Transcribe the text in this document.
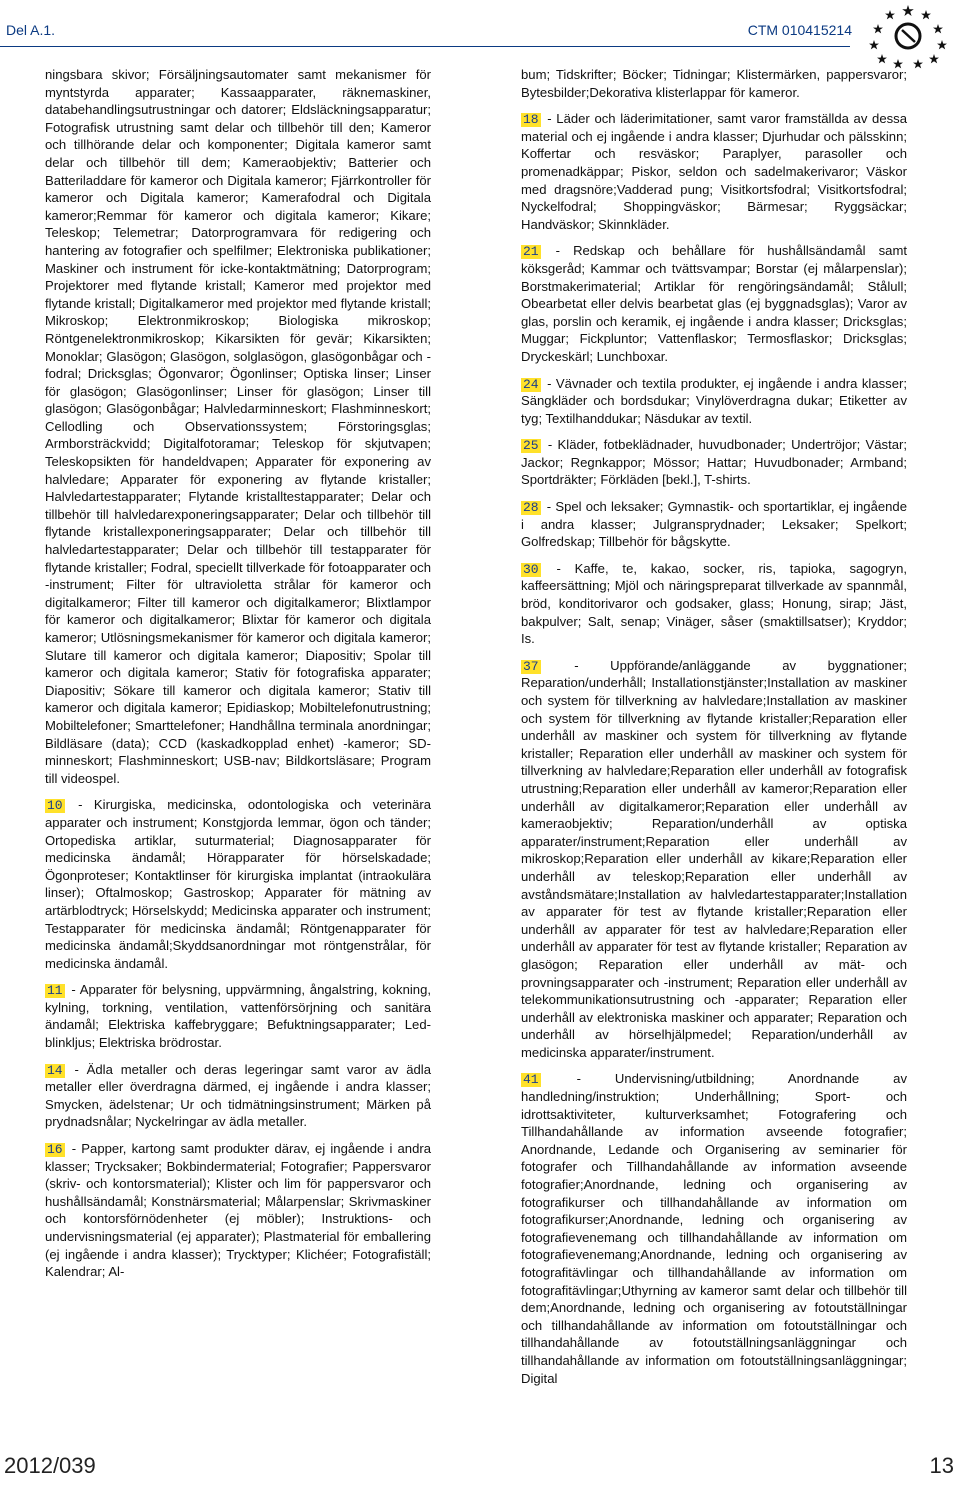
Del A.1.	CTM 010415214

ningsbara skivor; Försäljningsautomater samt mekanismer för myntstyrda apparater; Kassaapparater, räknemaskiner, databehandlingsutrustningar och datorer; Eldsläckningsapparatur; Fotografisk utrustning samt delar och tillbehör till den; Kameror och tillhörande delar och komponenter; Digitala kameror samt delar och tillbehör till dem; Kameraobjektiv; Batterier och Batteriladdare för kameror och Digitala kameror; Fjärrkontroller för kameror och Digitala kameror; Kamerafodral och Digitala kameror;Remmar för kameror och digitala kameror; Kikare; Teleskop; Telemetrar; Datorprogramvara för redigering och hantering av fotografier och spelfilmer; Elektroniska publikationer; Maskiner och instrument för icke-kontaktmätning; Datorprogram; Projektorer med flytande kristall; Kameror med projektor med flytande kristall; Digitalkameror med projektor med flytande kristall; Mikroskop; Elektronmikroskop; Biologiska mikroskop; Röntgenelektronmikroskop; Kikarsikten för gevär; Kikarsikten; Monoklar; Glasögon; Glasögon, solglasögon, glasögonbågar och -fodral; Dricksglas; Ögonvaror; Ögonlinser; Optiska linser; Linser för glasögon; Glasögonlinser; Linser för glasögon; Linser till glasögon; Glasögonbågar; Halvledarminneskort; Flashminneskort; Cellodling och Observationssystem; Förstoringsglas; Armborsträckvidd; Digitalfotoramar; Teleskop för skjutvapen; Teleskopsikten för handeldvapen; Apparater för exponering av halvledare; Apparater för exponering av flytande kristaller; Halvledartestapparater; Flytande kristalltestapparater; Delar och tillbehör till halvledarexponeringsapparater; Delar och tillbehör till flytande kristallexponeringsapparater; Delar och tillbehör till halvledartestapparater; Delar och tillbehör till testapparater för flytande kristaller; Fodral, speciellt tillverkade för fotoapparater och -instrument; Filter för ultravioletta strålar för kameror och digitalkameror; Filter till kameror och digitalkameror; Blixtlampor för kameror och digitalkameror; Blixtar för kameror och digitala kameror; Utlösningsmekanismer för kameror och digitala kameror; Slutare till kameror och digitala kameror; Diapositiv; Spolar till kameror och digitala kameror; Stativ för fotografiska apparater; Diapositiv; Sökare till kameror och digitala kameror; Stativ till kameror och digitala kameror; Epidiaskop; Mobiltelefonutrustning; Mobiltelefoner; Smarttelefoner; Handhållna terminala anordningar; Bildläsare (data); CCD (kaskadkopplad enhet) -kameror; SD-minneskort; Flashminneskort; USB-nav; Bildkortsläsare; Program till videospel.

10 - Kirurgiska, medicinska, odontologiska och veterinära apparater och instrument; Konstgjorda lemmar, ögon och tänder; Ortopediska artiklar, suturmaterial; Diagnosapparater för medicinska ändamål; Hörapparater för hörselskadade; Ögonproteser; Kontaktlinser för kirurgiska implantat (intraokulära linser); Oftalmoskop; Gastroskop; Apparater för mätning av artärblodtryck; Hörselskydd; Medicinska apparater och instrument; Testapparater för medicinska ändamål; Röntgenapparater för medicinska ändamål;Skyddsanordningar mot röntgenstrålar, för medicinska ändamål.

11 - Apparater för belysning, uppvärmning, ångalstring, kokning, kylning, torkning, ventilation, vattenförsörjning och sanitära ändamål; Elektriska kaffebryggare; Befuktningsapparater; Led-blinkljus; Elektriska brödrostar.

14 - Ädla metaller och deras legeringar samt varor av ädla metaller eller överdragna därmed, ej ingående i andra klasser; Smycken, ädelstenar; Ur och tidmätningsinstrument; Märken på prydnadsnålar; Nyckelringar av ädla metaller.

16 - Papper, kartong samt produkter därav, ej ingående i andra klasser; Trycksaker; Bokbindermaterial; Fotografier; Pappersvaror (skriv- och kontorsmaterial); Klister och lim för pappersvaror och hushållsändamål; Konstnärsmaterial; Målarpenslar; Skrivmaskiner och kontorsförnödenheter (ej möbler); Instruktions- och undervisningsmaterial (ej apparater); Plastmaterial för emballering (ej ingående i andra klasser); Trycktyper; Klichéer; Fotografiställ; Kalendrar; Al-

bum; Tidskrifter; Böcker; Tidningar; Klistermärken, pappersvaror; Bytesbilder;Dekorativa klisterlappar för kameror.

18 - Läder och läderimitationer, samt varor framställda av dessa material och ej ingående i andra klasser; Djurhudar och pälsskinn; Koffertar och resväskor; Paraplyer, parasoller och promenadkäppar; Piskor, seldon och sadelmakerivaror; Väskor med dragsnöre;Vadderad pung; Visitkortsfodral; Visitkortsfodral; Nyckelfodral; Shoppingväskor; Bärmesar; Ryggsäckar; Handväskor; Skinnkläder.

21 - Redskap och behållare för hushållsändamål samt köksgeråd; Kammar och tvättsvampar; Borstar (ej målarpenslar); Borstmakerimaterial; Artiklar för rengöringsändamål; Stålull; Obearbetat eller delvis bearbetat glas (ej byggnadsglas); Varor av glas, porslin och keramik, ej ingående i andra klasser; Dricksglas; Muggar; Fickpluntor; Vattenflaskor; Termosflaskor; Dricksglas; Dryckeskärl; Lunchboxar.

24 - Vävnader och textila produkter, ej ingående i andra klasser; Sängkläder och bordsdukar; Vinylöverdragna dukar; Etiketter av tyg; Textilhanddukar; Näsdukar av textil.

25 - Kläder, fotbeklädnader, huvudbonader; Undertröjor; Västar; Jackor; Regnkappor; Mössor; Hattar; Huvudbonader; Armband; Sportdräkter; Förkläden [bekl.], T-shirts.

28 - Spel och leksaker; Gymnastik- och sportartiklar, ej ingående i andra klasser; Julgransprydnader; Leksaker; Spelkort; Golfredskap; Tillbehör för bågskytte.

30 - Kaffe, te, kakao, socker, ris, tapioka, sagogryn, kaffeersättning; Mjöl och näringspreparat tillverkade av spannmål, bröd, konditorivaror och godsaker, glass; Honung, sirap; Jäst, bakpulver; Salt, senap; Vinäger, såser (smaktillsatser); Kryddor; Is.

37	- Uppförande/anläggande av byggnationer; Reparation/underhåll; Installationstjänster;Installation av maskiner och system för tillverkning av halvledare;Installation av maskiner och system för tillverkning av flytande kristaller;Reparation eller underhåll av maskiner och system för tillverkning av flytande kristaller; Reparation eller underhåll av maskiner och system för tillverkning av halvledare;Reparation eller underhåll av fotografisk utrustning;Reparation eller underhåll av kameror;Reparation eller underhåll av digitalkameror;Reparation eller underhåll av kameraobjektiv; Reparation/underhåll av optiska apparater/instrument;Reparation eller underhåll av mikroskop;Reparation eller underhåll av kikare;Reparation eller underhåll av teleskop;Reparation eller underhåll av avståndsmätare;Installation av halvledartestapparater;Installation av apparater för test av flytande kristaller;Reparation eller underhåll av apparater för test av halvledare;Reparation eller underhåll av apparater för test av flytande kristaller; Reparation av glasögon; Reparation eller underhåll av mät- och provningsapparater och -instrument; Reparation eller underhåll av telekommunikationsutrustning och -apparater; Reparation eller underhåll av elektroniska maskiner och apparater; Reparation och underhåll av hörselhjälpmedel; Reparation/underhåll av medicinska apparater/instrument.

41	- Undervisning/utbildning; Anordnande av handledning/instruktion; Underhållning; Sport- och idrottsaktiviteter, kulturverksamhet; Fotografering och Tillhandahållande av information avseende fotografier; Anordnande, Ledande och Organisering av seminarier för fotografer och Tillhandahållande av information avseende fotografier;Anordnande, ledning och organisering av fotografikurser och tillhandahållande av information om fotografikurser;Anordnande, ledning och organisering av fotografievenemang och tillhandahållande av information om fotografievenemang;Anordnande, ledning och organisering av fotografitävlingar och tillhandahållande av information om fotografitävlingar;Uthyrning av kameror samt delar och tillbehör till dem;Anordnande, ledning och organisering av fotoutställningar och tillhandahållande av information om fotoutställningar och tillhandahållande av fotoutställningsanläggningar och tillhandahållande av information om fotoutställningsanläggningar; Digital

2012/039	13
